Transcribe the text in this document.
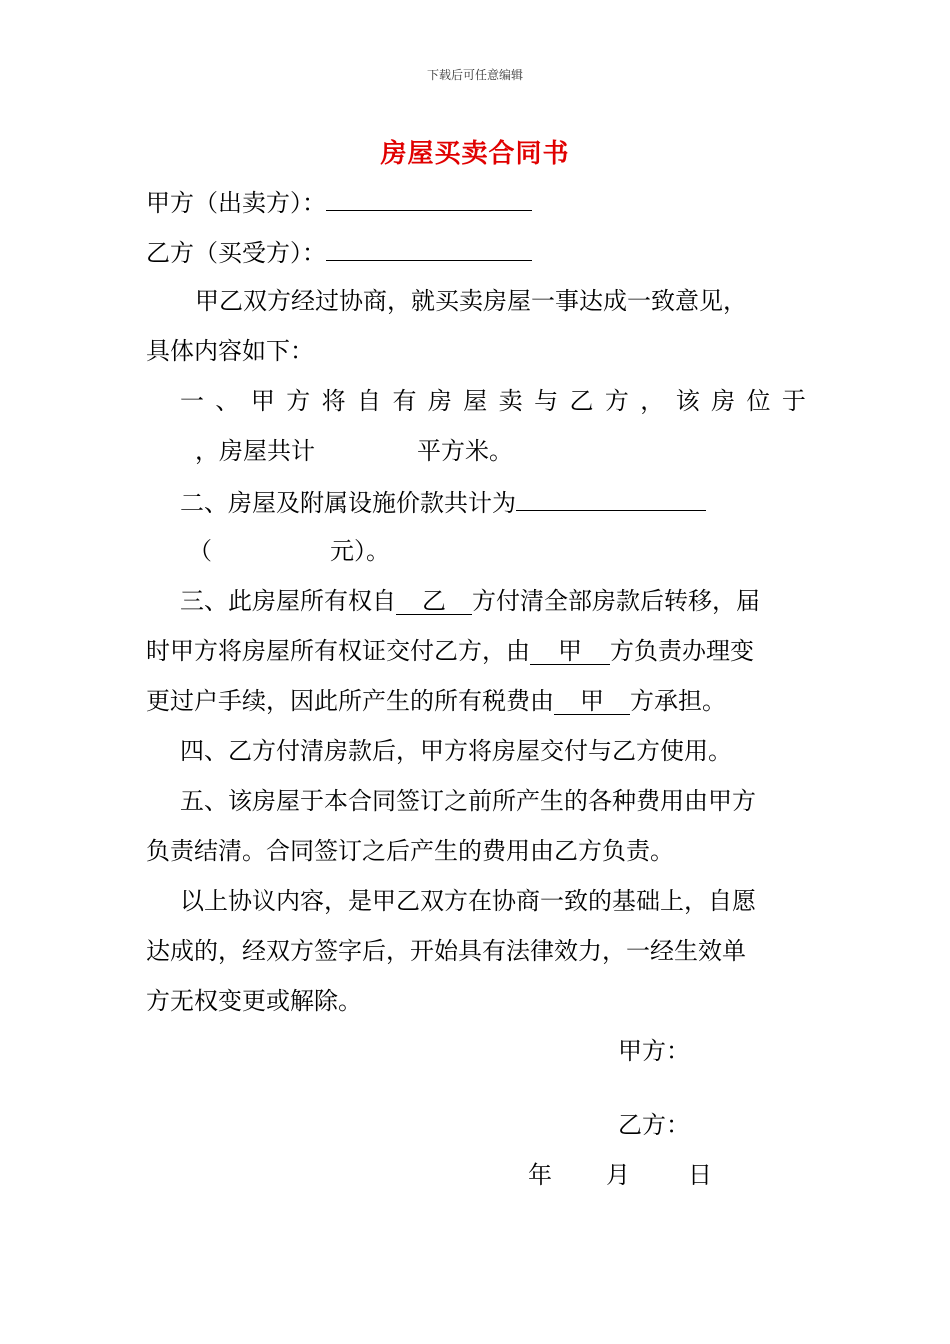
下载后可任意编辑
房屋买卖合同书
甲方（出卖方）：
乙方（买受方）：
甲乙双方经过协商，就买卖房屋一事达成一致意见，
具体内容如下：
一 、 甲 方 将 自 有 房 屋 卖 与 乙 方 ， 该 房 位 于
，房屋共计	平方米。
二、房屋及附属设施价款共计为
（	元）。
三、此房屋所有权自 乙 方付清全部房款后转移，届
时甲方将房屋所有权证交付乙方，由 甲 方负责办理变
更过户手续，因此所产生的所有税费由 甲 方承担。
四、乙方付清房款后，甲方将房屋交付与乙方使用。
五、该房屋于本合同签订之前所产生的各种费用由甲方
负责结清。合同签订之后产生的费用由乙方负责。
以上协议内容，是甲乙双方在协商一致的基础上，自愿
达成的，经双方签字后，开始具有法律效力，一经生效单
方无权变更或解除。
甲方：
乙方：
年 月 日
